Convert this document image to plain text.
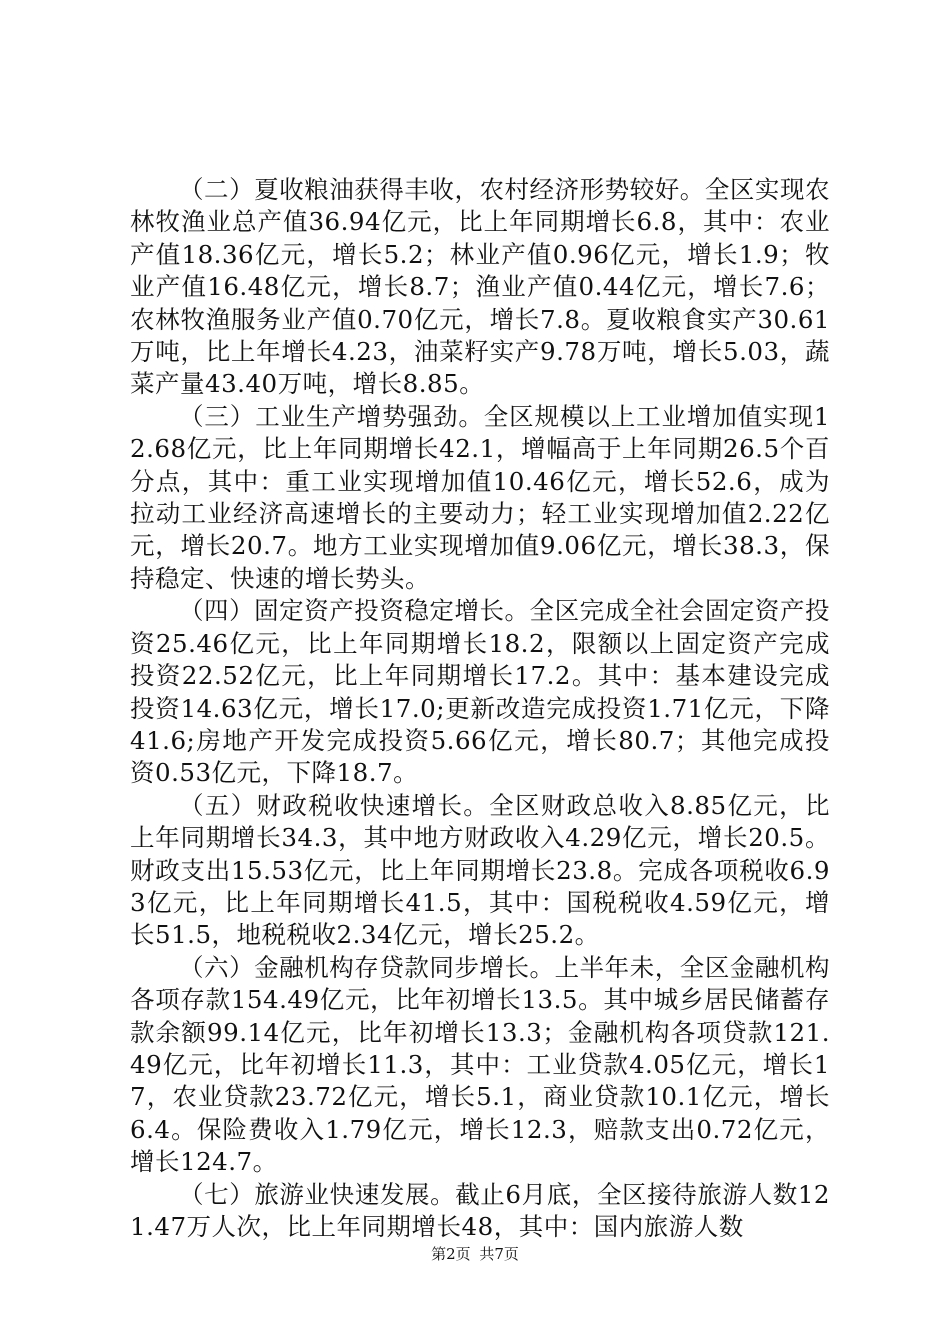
（二）夏收粮油获得丰收，农村经济形势较好。全区实现农林牧渔业总产值36.94亿元，比上年同期增长6.8，其中：农业产值18.36亿元，增长5.2；林业产值0.96亿元，增长1.9；牧业产值16.48亿元，增长8.7；渔业产值0.44亿元，增长7.6；农林牧渔服务业产值0.70亿元，增长7.8。夏收粮食实产30.61万吨，比上年增长4.23，油菜籽实产9.78万吨，增长5.03，蔬菜产量43.40万吨，增长8.85。

（三）工业生产增势强劲。全区规模以上工业增加值实现12.68亿元，比上年同期增长42.1，增幅高于上年同期26.5个百分点，其中：重工业实现增加值10.46亿元，增长52.6，成为拉动工业经济高速增长的主要动力；轻工业实现增加值2.22亿元，增长20.7。地方工业实现增加值9.06亿元，增长38.3，保持稳定、快速的增长势头。

（四）固定资产投资稳定增长。全区完成全社会固定资产投资25.46亿元，比上年同期增长18.2，限额以上固定资产完成投资22.52亿元，比上年同期增长17.2。其中：基本建设完成投资14.63亿元，增长17.0;更新改造完成投资1.71亿元，下降41.6;房地产开发完成投资5.66亿元，增长80.7；其他完成投资0.53亿元，下降18.7。

（五）财政税收快速增长。全区财政总收入8.85亿元，比上年同期增长34.3，其中地方财政收入4.29亿元，增长20.5。财政支出15.53亿元，比上年同期增长23.8。完成各项税收6.93亿元，比上年同期增长41.5，其中：国税税收4.59亿元，增长51.5，地税税收2.34亿元，增长25.2。

（六）金融机构存贷款同步增长。上半年未，全区金融机构各项存款154.49亿元，比年初增长13.5。其中城乡居民储蓄存款余额99.14亿元，比年初增长13.3；金融机构各项贷款121.49亿元，比年初增长11.3，其中：工业贷款4.05亿元，增长17，农业贷款23.72亿元，增长5.1，商业贷款10.1亿元，增长6.4。保险费收入1.79亿元，增长12.3，赔款支出0.72亿元，增长124.7。

（七）旅游业快速发展。截止6月底，全区接待旅游人数121.47万人次，比上年同期增长48，其中：国内旅游人数

第2页 共7页
